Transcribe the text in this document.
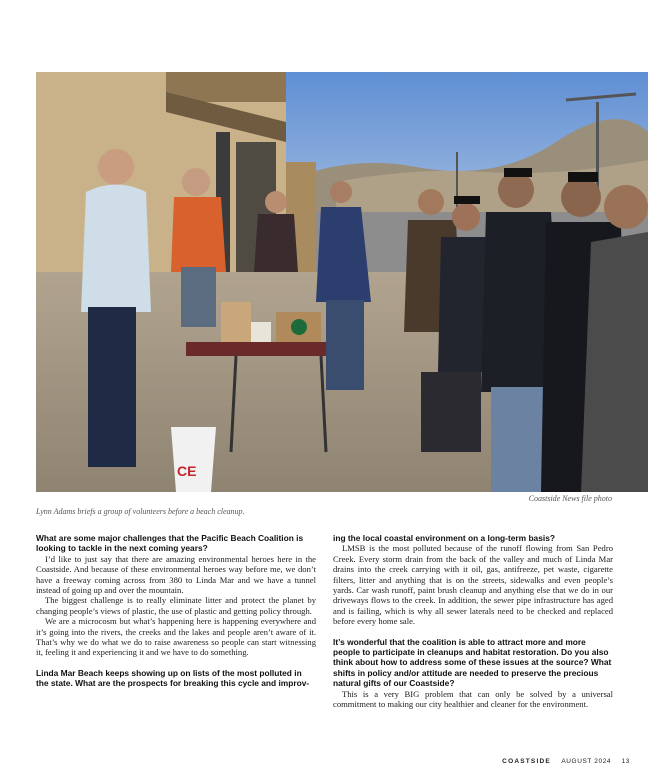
CE
Coastside News file photo
Lynn Adams briefs a group of volunteers before a beach cleanup.

What are some major challenges that the Pacific Beach Coalition is looking to tackle in the next coming years?

I’d like to just say that there are amazing environmental heroes here in the Coastside. And because of these environmental heroes way before me, we don’t have a freeway coming across from 380 to Linda Mar and we have a tunnel instead of going up and over the mountain.

The biggest challenge is to really eliminate litter and protect the planet by changing people’s views of plastic, the use of plastic and getting policy through.

We are a microcosm but what’s happening here is happening everywhere and it’s going into the rivers, the creeks and the lakes and people aren’t aware of it. That’s why we do what we do to raise awareness so people can start witnessing it, feeling it and experiencing it and we have to do something.

Linda Mar Beach keeps showing up on lists of the most polluted in the state. What are the prospects for breaking this cycle and improv-

ing the local coastal environment on a long-term basis?

LMSB is the most polluted because of the runoff flowing from San Pedro Creek. Every storm drain from the back of the valley and much of Linda Mar drains into the creek carrying with it oil, gas, antifreeze, pet waste, cigarette filters, litter and anything that is on the streets, sidewalks and even people’s yards. Car wash runoff, paint brush cleanup and anything else that we do in our driveways flows to the creek. In addition, the sewer pipe infrastructure has aged and is failing, which is why all sewer laterals need to be checked and replaced before every home sale.

It’s wonderful that the coalition is able to attract more and more people to participate in cleanups and habitat restoration. Do you also think about how to address some of these issues at the source? What shifts in policy and/or attitude are needed to preserve the precious natural gifts of our Coastside?

This is a very BIG problem that can only be solved by a universal commitment to making our city healthier and cleaner for the environment.

COASTSIDE AUGUST 2024 13
